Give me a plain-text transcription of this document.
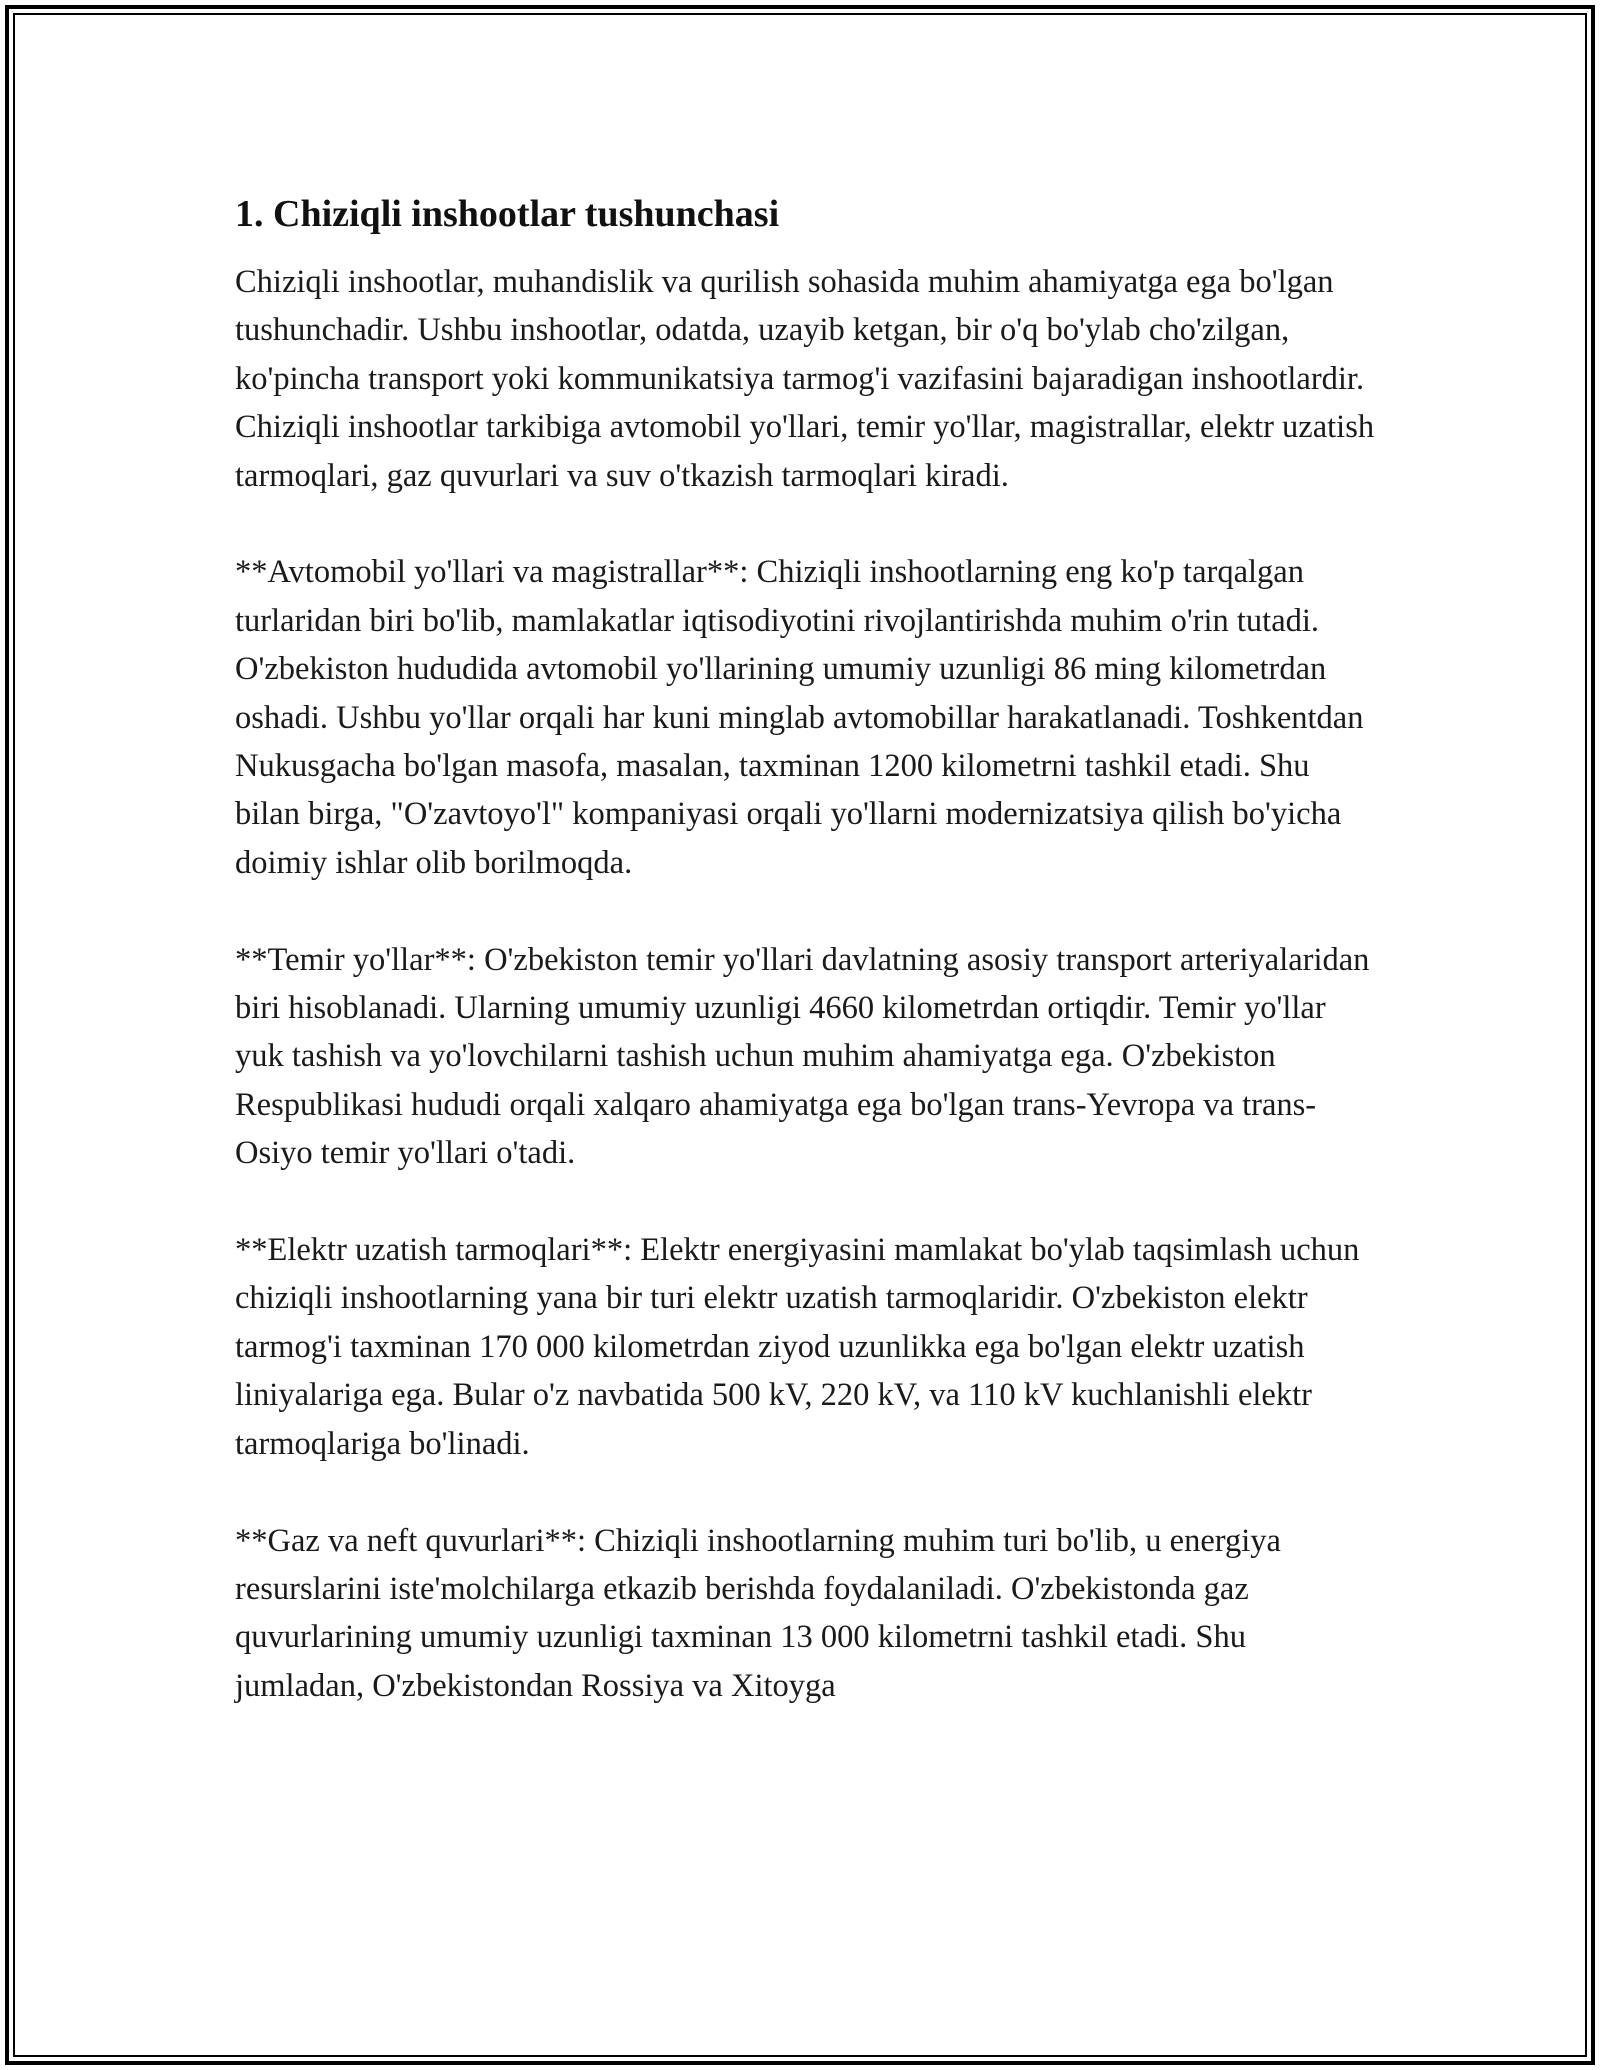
1. Chiziqli inshootlar tushunchasi

Chiziqli inshootlar, muhandislik va qurilish sohasida muhim ahamiyatga ega bo'lgan tushunchadir. Ushbu inshootlar, odatda, uzayib ketgan, bir o'q bo'ylab cho'zilgan, ko'pincha transport yoki kommunikatsiya tarmog'i vazifasini bajaradigan inshootlardir. Chiziqli inshootlar tarkibiga avtomobil yo'llari, temir yo'llar, magistrallar, elektr uzatish tarmoqlari, gaz quvurlari va suv o'tkazish tarmoqlari kiradi.

**Avtomobil yo'llari va magistrallar**: Chiziqli inshootlarning eng ko'p tarqalgan turlaridan biri bo'lib, mamlakatlar iqtisodiyotini rivojlantirishda muhim o'rin tutadi. O'zbekiston hududida avtomobil yo'llarining umumiy uzunligi 86 ming kilometrdan oshadi. Ushbu yo'llar orqali har kuni minglab avtomobillar harakatlanadi. Toshkentdan Nukusgacha bo'lgan masofa, masalan, taxminan 1200 kilometrni tashkil etadi. Shu bilan birga, "O'zavtoyo'l" kompaniyasi orqali yo'llarni modernizatsiya qilish bo'yicha doimiy ishlar olib borilmoqda.

**Temir yo'llar**: O'zbekiston temir yo'llari davlatning asosiy transport arteriyalaridan biri hisoblanadi. Ularning umumiy uzunligi 4660 kilometrdan ortiqdir. Temir yo'llar yuk tashish va yo'lovchilarni tashish uchun muhim ahamiyatga ega. O'zbekiston Respublikasi hududi orqali xalqaro ahamiyatga ega bo'lgan trans-Yevropa va trans-Osiyo temir yo'llari o'tadi.

**Elektr uzatish tarmoqlari**: Elektr energiyasini mamlakat bo'ylab taqsimlash uchun chiziqli inshootlarning yana bir turi elektr uzatish tarmoqlaridir. O'zbekiston elektr tarmog'i taxminan 170 000 kilometrdan ziyod uzunlikka ega bo'lgan elektr uzatish liniyalariga ega. Bular o'z navbatida 500 kV, 220 kV, va 110 kV kuchlanishli elektr tarmoqlariga bo'linadi.

**Gaz va neft quvurlari**: Chiziqli inshootlarning muhim turi bo'lib, u energiya resurslarini iste'molchilarga etkazib berishda foydalaniladi. O'zbekistonda gaz quvurlarining umumiy uzunligi taxminan 13 000 kilometrni tashkil etadi. Shu jumladan, O'zbekistondan Rossiya va Xitoyga
